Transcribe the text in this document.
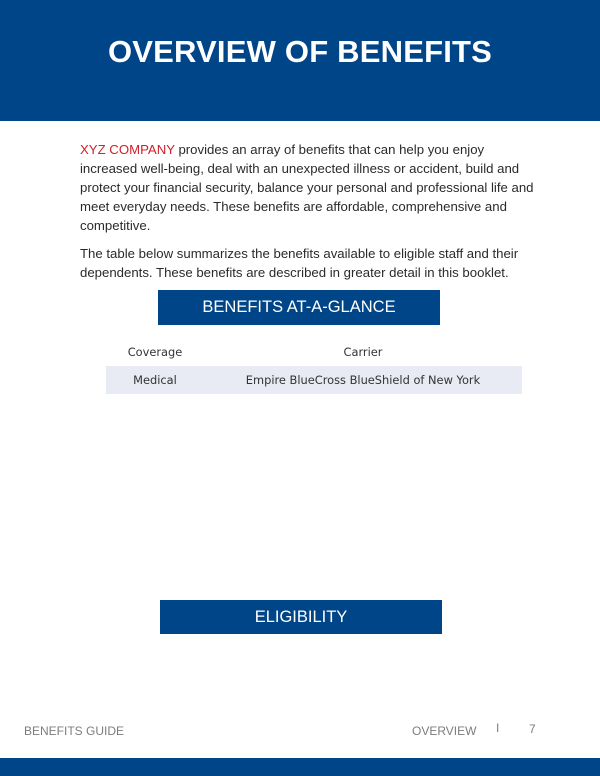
OVERVIEW OF BENEFITS

XYZ COMPANY provides an array of benefits that can help you enjoy increased well-being, deal with an unexpected illness or accident, build and protect your financial security, balance your personal and professional life and meet everyday needs. These benefits are affordable, comprehensive and competitive.

The table below summarizes the benefits available to eligible staff and their dependents. These benefits are described in greater detail in this booklet.

BENEFITS AT-A-GLANCE
Coverage	Carrier
Medical	Empire BlueCross BlueShield of New York
ELIGIBILITY
BENEFITS GUIDE	OVERVIEW I 7
